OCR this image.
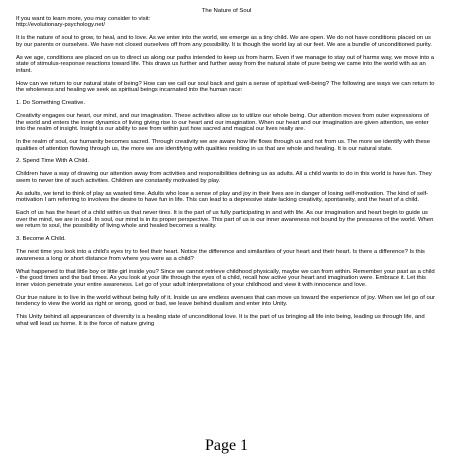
The Nature of Soul
If you want to learn more, you may consider to visit:
http://evolutionary-psychology.net/
It is the nature of soul to grow, to heal, and to love. As we enter into the world, we emerge as a tiny child. We are open. We do not have conditions placed on us by our parents or ourselves. We have not closed ourselves off from any possibility. It is though the world lay at our feet. We are a bundle of unconditioned purity.
As we age, conditions are placed on us to direct us along our paths intended to keep us from harm. Even if we manage to stay out of harms way, we move into a state of stimulus-response reactions toward life. This draws us further and further away from the natural state of pure being we came into the world with as an infant.
How can we return to our natural state of being? How can we call our soul back and gain a sense of spiritual well-being? The following are ways we can return to the wholeness and healing we seek as spiritual beings incarnated into the human race:
1. Do Something Creative.
Creativity engages our heart, our mind, and our imagination. These activities allow us to utilize our whole being. Our attention moves from outer expressions of the world and enters the inner dynamics of living giving rise to our heart and our imagination. When our heart and our imagination are given attention, we enter into the realm of insight. Insight is our ability to see from within just how sacred and magical our lives really are.
In the realm of soul, our humanity becomes sacred. Through creativity we are aware how life flows through us and not from us. The more we identify with these qualities of attention flowing through us, the more we are identifying with qualities residing in us that are whole and healing. It is our natural state.
2. Spend Time With A Child.
Children have a way of drawing our attention away from activities and responsibilities defining us as adults. All a child wants to do in this world is have fun. They seem to never tire of such activities. Children are constantly motivated by play.
As adults, we tend to think of play as wasted time. Adults who lose a sense of play and joy in their lives are in danger of losing self-motivation. The kind of self-motivation I am referring to involves the desire to have fun in life. This can lead to a depressive state lacking creativity, spontaneity, and the heart of a child.
Each of us has the heart of a child within us that never tires. It is the part of us fully participating in and with life. As our imagination and heart begin to guide us over the mind, we are in soul. In soul, our mind is in its proper perspective. This part of us is our inner awareness not bound by the pressures of the world. When we return to soul, the possibility of living whole and healed becomes a reality.
3. Become A Child.
The next time you look into a child's eyes try to feel their heart. Notice the difference and similarities of your heart and their heart. Is there a difference? Is this awareness a long or short distance from where you were as a child?
What happened to that little boy or little girl inside you? Since we cannot retrieve childhood physically, maybe we can from within. Remember your past as a child - the good times and the bad times. As you look at your life through the eyes of a child, recall how active your heart and imagination were. Embrace it. Let this inner vision penetrate your entire awareness. Let go of your adult interpretations of your childhood and view it with innocence and love.
Our true nature is to live in the world without being fully of it. Inside us are endless avenues that can move us toward the experience of joy. When we let go of our tendency to view the world as right or wrong, good or bad, we leave behind dualism and enter into Unity.
This Unity behind all appearances of diversity is a healing state of unconditional love. It is the part of us bringing all life into being, leading us through life, and what will lead us home. It is the force of nature giving
Page 1
